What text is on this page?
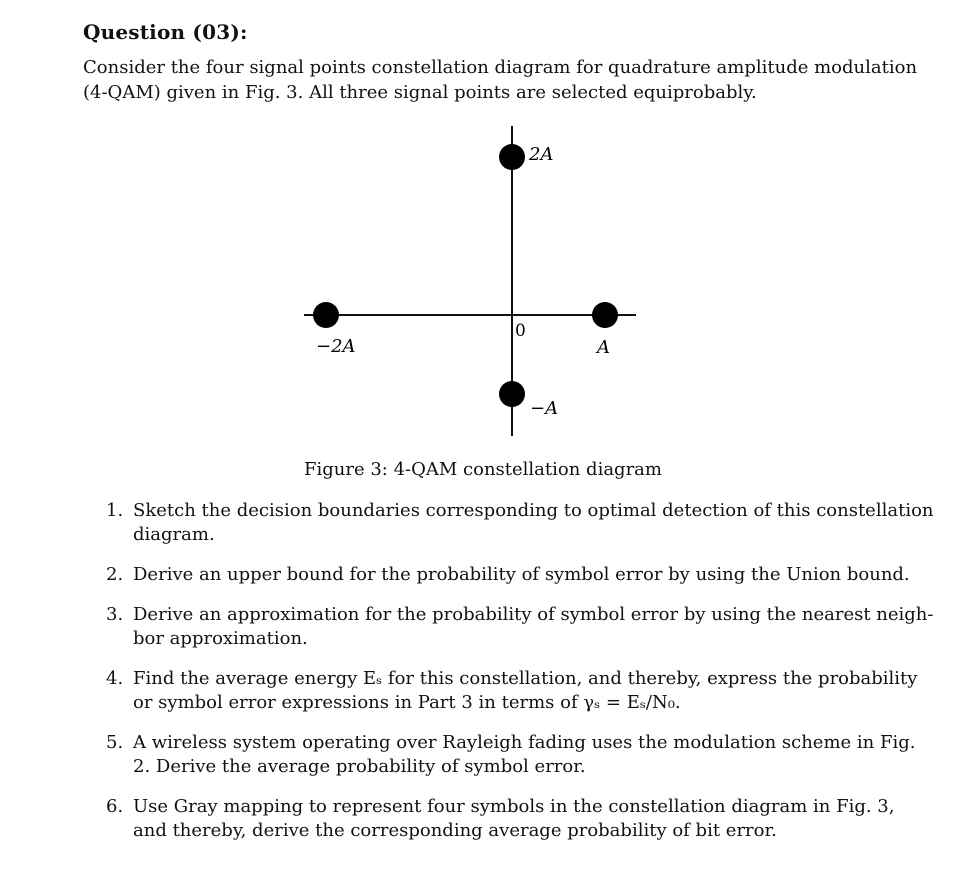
Question (03):
Consider the four signal points constellation diagram for quadrature amplitude modulation
(4-QAM) given in Fig. 3. All three signal points are selected equiprobably.
2A
0
−2A	A
−A
Figure 3: 4-QAM constellation diagram
1. Sketch the decision boundaries corresponding to optimal detection of this constellation
diagram.
2. Derive an upper bound for the probability of symbol error by using the Union bound.
3. Derive an approximation for the probability of symbol error by using the nearest neigh-
bor approximation.
4. Find the average energy Eₛ for this constellation, and thereby, express the probability
or symbol error expressions in Part 3 in terms of γₛ = Eₛ/N₀.
5. A wireless system operating over Rayleigh fading uses the modulation scheme in Fig.
2. Derive the average probability of symbol error.
6. Use Gray mapping to represent four symbols in the constellation diagram in Fig. 3,
and thereby, derive the corresponding average probability of bit error.
